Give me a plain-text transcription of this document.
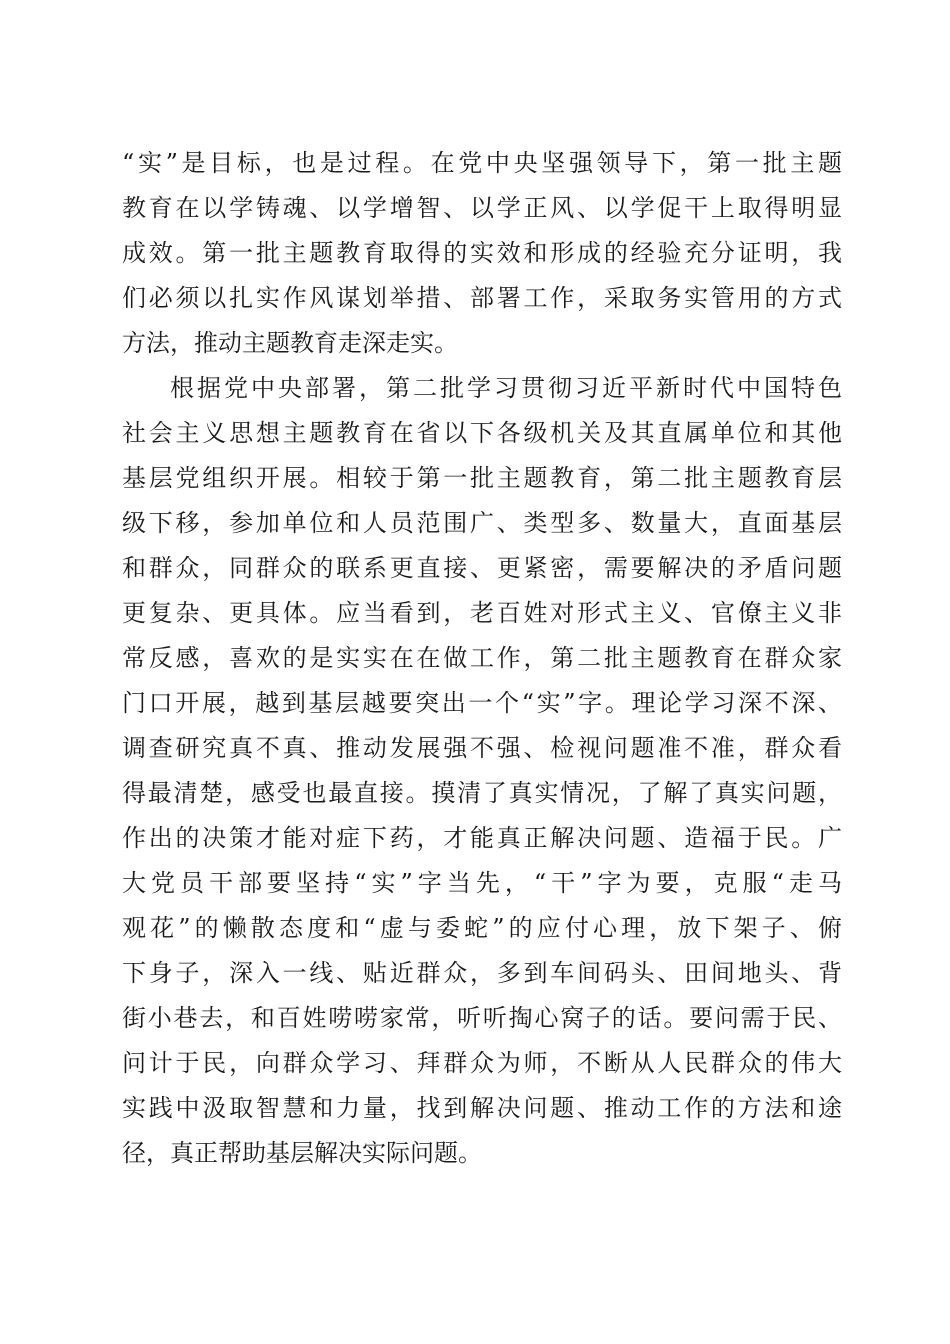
“实”是目标，也是过程。在党中央坚强领导下，第一批主题
教育在以学铸魂、以学增智、以学正风、以学促干上取得明显
成效。第一批主题教育取得的实效和形成的经验充分证明，我
们必须以扎实作风谋划举措、部署工作，采取务实管用的方式
方法，推动主题教育走深走实。
根据党中央部署，第二批学习贯彻习近平新时代中国特色
社会主义思想主题教育在省以下各级机关及其直属单位和其他
基层党组织开展。相较于第一批主题教育，第二批主题教育层
级下移，参加单位和人员范围广、类型多、数量大，直面基层
和群众，同群众的联系更直接、更紧密，需要解决的矛盾问题
更复杂、更具体。应当看到，老百姓对形式主义、官僚主义非
常反感，喜欢的是实实在在做工作，第二批主题教育在群众家
门口开展，越到基层越要突出一个“实”字。理论学习深不深、
调查研究真不真、推动发展强不强、检视问题准不准，群众看
得最清楚，感受也最直接。摸清了真实情况，了解了真实问题，
作出的决策才能对症下药，才能真正解决问题、造福于民。广
大党员干部要坚持“实”字当先，“干”字为要，克服“走马
观花”的懒散态度和“虚与委蛇”的应付心理，放下架子、俯
下身子，深入一线、贴近群众，多到车间码头、田间地头、背
街小巷去，和百姓唠唠家常，听听掏心窝子的话。要问需于民、
问计于民，向群众学习、拜群众为师，不断从人民群众的伟大
实践中汲取智慧和力量，找到解决问题、推动工作的方法和途
径，真正帮助基层解决实际问题。
